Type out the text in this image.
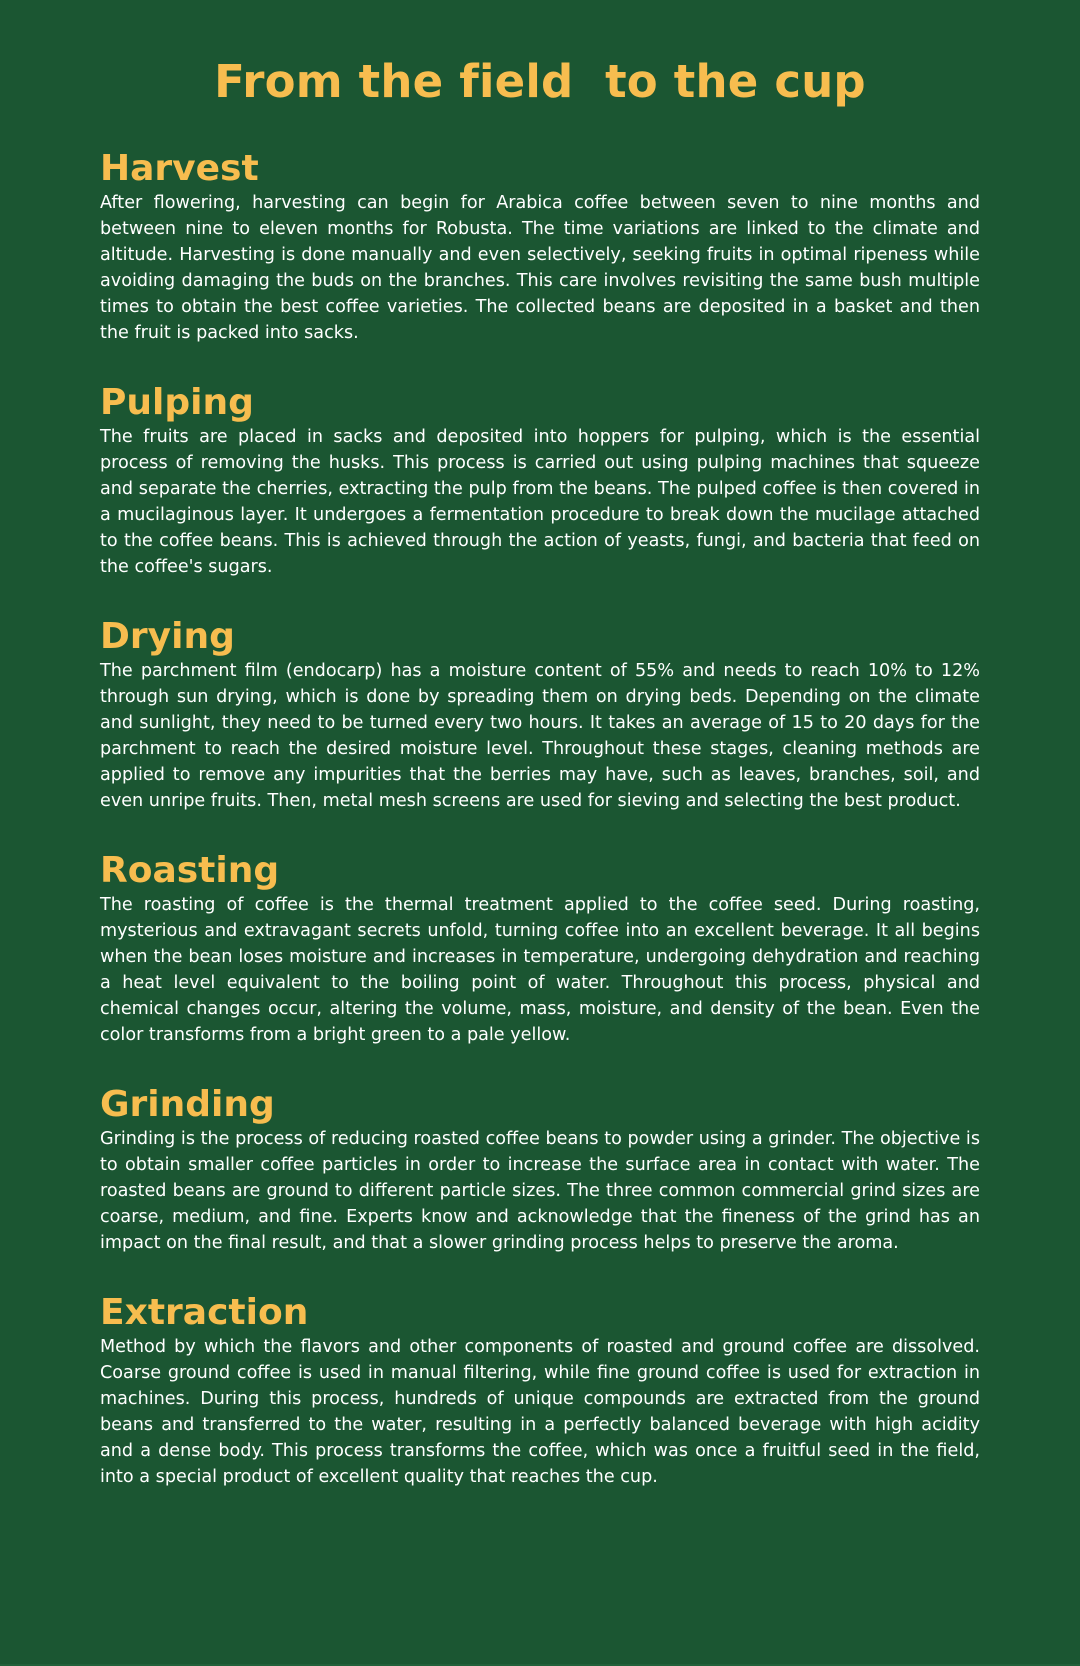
From the field  to the cup
Harvest

After flowering, harvesting can begin for Arabica coffee between seven to nine months and between nine to eleven months for Robusta. The time variations are linked to the climate and altitude. Harvesting is done manually and even selectively, seeking fruits in optimal ripeness while avoiding damaging the buds on the branches. This care involves revisiting the same bush multiple times to obtain the best coffee varieties. The collected beans are deposited in a basket and then the fruit is packed into sacks.

Pulping

The fruits are placed in sacks and deposited into hoppers for pulping, which is the essential process of removing the husks. This process is carried out using pulping machines that squeeze and separate the cherries, extracting the pulp from the beans. The pulped coffee is then covered in a mucilaginous layer. It undergoes a fermentation procedure to break down the mucilage attached to the coffee beans. This is achieved through the action of yeasts, fungi, and bacteria that feed on the coffee's sugars.

Drying

The parchment film (endocarp) has a moisture content of 55% and needs to reach 10% to 12% through sun drying, which is done by spreading them on drying beds. Depending on the climate and sunlight, they need to be turned every two hours. It takes an average of 15 to 20 days for the parchment to reach the desired moisture level. Throughout these stages, cleaning methods are applied to remove any impurities that the berries may have, such as leaves, branches, soil, and even unripe fruits. Then, metal mesh screens are used for sieving and selecting the best product.

Roasting

The roasting of coffee is the thermal treatment applied to the coffee seed. During roasting, mysterious and extravagant secrets unfold, turning coffee into an excellent beverage. It all begins when the bean loses moisture and increases in temperature, undergoing dehydration and reaching a heat level equivalent to the boiling point of water. Throughout this process, physical and chemical changes occur, altering the volume, mass, moisture, and density of the bean. Even the color transforms from a bright green to a pale yellow.

Grinding

Grinding is the process of reducing roasted coffee beans to powder using a grinder. The objective is to obtain smaller coffee particles in order to increase the surface area in contact with water. The roasted beans are ground to different particle sizes. The three common commercial grind sizes are coarse, medium, and fine. Experts know and acknowledge that the fineness of the grind has an impact on the final result, and that a slower grinding process helps to preserve the aroma.

Extraction

Method by which the flavors and other components of roasted and ground coffee are dissolved. Coarse ground coffee is used in manual filtering, while fine ground coffee is used for extraction in machines. During this process, hundreds of unique compounds are extracted from the ground beans and transferred to the water, resulting in a perfectly balanced beverage with high acidity and a dense body. This process transforms the coffee, which was once a fruitful seed in the field, into a special product of excellent quality that reaches the cup.
